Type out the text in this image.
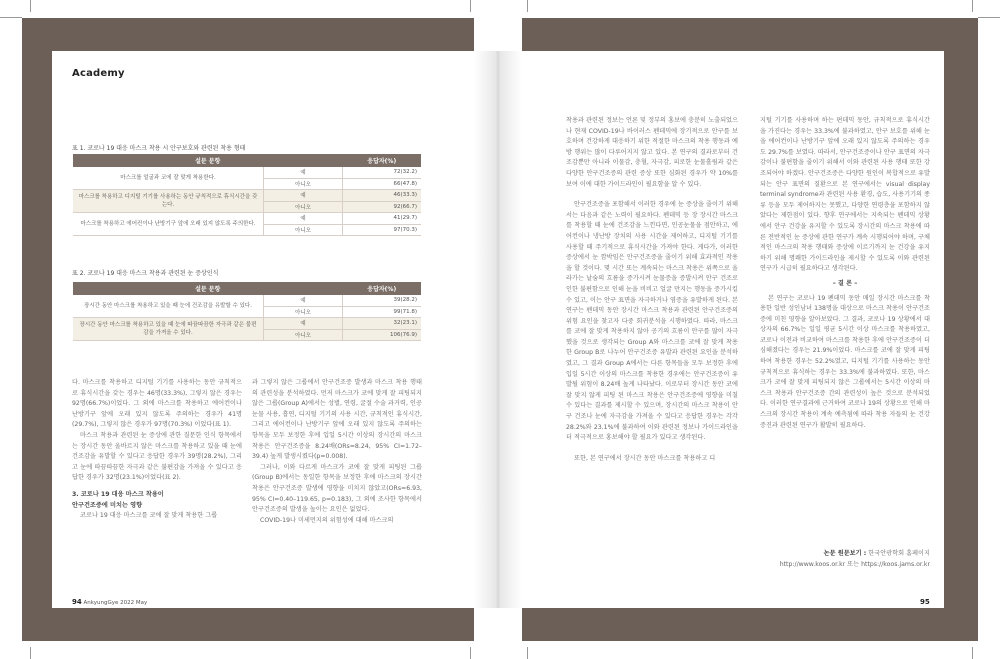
Academy
표 1. 코로나 19 대응 마스크 착용 시 안구보호와 관련된 착용 형태
설문 문항		응답자(%)
마스크를 얼굴과 코에 잘 맞게 착용한다.	예	72(32.2)
	아니오	66(47.8)
마스크를 착용하고 디지털 기기를 사용하는 동안 규칙적으로 휴식시간을 갖는다.	예	46(33.3)
	아니오	92(66.7)
마스크를 착용하고 에어컨이나 난방기구 앞에 오래 있지 않도록 주의한다.	예	41(29.7)
	아니오	97(70.3)
표 2. 코로나 19 대응 마스크 착용과 관련된 눈 증상인식
설문 문항		응답자(%)
장시간 동안 마스크를 착용하고 있을 때 눈에 건조감을 유발할 수 있다.	예	39(28.2)
	아니오	99(71.8)
장시간 동안 마스크를 착용하고 있을 때 눈에 따끔따끔한 자극과 같은 불편감을 가져올 수 있다.	예	32(23.1)
	아니오	106(76.9)

다. 마스크를 착용하고 디지털 기기를 사용하는 동안 규칙적으로 휴식시간을 갖는 경우는 46명(33.3%), 그렇지 않은 경우는 92명(66.7%)이었다. 그 외에 마스크를 착용하고 에어컨이나 난방기구 앞에 오래 있지 않도록 주의하는 경우가 41명(29.7%), 그렇지 않은 경우가 97명(70.3%) 이었다(표 1).

마스크 착용과 관련된 눈 증상에 관한 질문한 인식 항목에서는 장시간 동안 올바르지 않은 마스크를 착용하고 있을 때 눈에 건조감을 유발할 수 있다고 응답한 경우가 39명(28.2%), 그리고 눈에 따끔따끔한 자극과 같은 불편감을 가져올 수 있다고 응답한 경우가 32명(23.1%)이었다(표 2).

3. 코로나 19 대응 마스크 착용이

안구건조증에 미치는 영향

코로나 19 대응 마스크를 코에 잘 맞게 착용한 그룹

과 그렇지 않은 그룹에서 안구건조증 발생과 마스크 착용 행태의 관련성을 분석하였다. 먼저 마스크가 코에 맞게 잘 피팅되지 않은 그룹(Group A)에서는 성별, 연령, 굴절 수술 과거력, 인공눈물 사용, 흡연, 디지털 기기의 사용 시간, 규칙적인 휴식시간, 그리고 에어컨이나 난방기구 앞에 오래 있지 않도록 주의하는 항목을 모두 보정한 후에 입일 5시간 이상의 장시간의 마스크 착용은 안구건조증을 8.24배(ORs=8.24, 95% CI=1.72–39.4) 높게 발생시켰다(p=0.008).

그러나, 이와 다르게 마스크가 코에 잘 맞게 피팅된 그룹(Group B)에서는 동일한 항목을 보정한 후에 마스크의 장시간 착용은 안구건조증 발생에 영향을 미치지 않았고(ORs=6.93, 95% CI=0.40–119.65, p=0.183), 그 외에 조사한 항목에서 안구건조증의 발생을 높이는 요인은 없었다.

COVID-19나 미세먼지의 위험성에 대해 마스크의

착용과 관련된 정보는 언론 및 정부의 홍보에 충분히 노출되었으나 현재 COVID-19나 바이러스 펜데믹에 장기적으로 안구를 보호하며 건강하게 대응하기 위한 적절한 마스크의 착용 행동과 예방 행위는 많이 다루어지지 않고 있다. 본 연구의 결과로부터 건조감뿐만 아니라 이물감, 충혈, 자극감, 피로한 눈물흘림과 같은 다양한 안구건조증의 관련 증상 또한 심화된 경우가 약 10%를 보여 이에 대한 가이드라인이 필요함을 알 수 있다.

안구건조증을 포함해서 이러한 경우에 눈 증상을 줄이기 위해서는 다음과 같은 노력이 필요하다. 펜데믹 등 장 장시간 마스크를 착용할 때 눈에 건조감을 느낀다면, 인공눈물을 점안하고, 에어컨이나 냉난방 장치의 사용 시간을 제어하고, 디지털 기기를 사용할 때 주기적으로 휴식시간을 가져야 한다. 게다가, 이러한 증상에서 눈 깜박임은 안구건조증을 줄이기 위해 효과적인 작용을 할 것이다. 몇 시간 또는 계속되는 마스크 착용은 위쪽으로 올라가는 날숨의 흐름을 증가시켜 눈물증을 증발시켜 안구 건조로 인한 불편함으로 인해 눈을 비비고 얼굴 만지는 행동을 증가시킬 수 있고, 이는 안구 표면을 자극하거나 염증을 유발하게 된다. 본 연구는 펜데믹 동안 장시간 마스크 착용과 관련된 안구건조증의 위험 요인을 찾고자 다중 회귀분석을 시행하였다. 따라, 마스크를 코에 잘 맞게 착용하지 않아 공기의 흐름이 안구를 많이 자극했을 것으로 생각되는 Group A와 마스크를 코에 잘 맞게 착용한 Group B로 나누어 안구건조증 유발과 관련된 요인을 분석하였고, 그 결과 Group A에서는 다른 항목들을 모두 보정한 후에 입일 5시간 이상의 마스크를 착용한 경우에는 안구건조증이 유발될 위험이 8.24배 높게 나타났다. 이로부터 장시간 동안 코에 잘 맞지 않게 피팅 된 마스크 착용은 안구건조증에 영향을 미칠 수 있다는 결과를 제시할 수 있으며, 장시간의 마스크 착용이 안구 건조나 눈에 자극감을 가져올 수 있다고 응답한 경우는 각각 28.2%와 23.1%에 불과하여 이와 관련된 정보나 가이드라인을 더 적극적으로 홍보해야 할 필요가 있다고 생각된다.

또한, 본 연구에서 장시간 동안 마스크를 착용하고 디

지털 기기를 사용하며 하는 편데믹 동안, 규칙적으로 휴식시간을 가진다는 경우는 33.3%에 불과하였고, 안구 보호를 위해 눈을 에어컨이나 난방기구 앞에 오래 있지 않도록 주의하는 경우도 29.7%를 보였다. 따라서, 안구건조증이나 안구 표면의 자극감이나 불편함을 줄이기 위해서 이와 관련된 사용 행태 또한 강조되어야 하겠다. 안구건조증은 다양한 원인이 복합적으로 유발되는 안구 표면의 질환으로 본 연구에서는 visual display terminal syndrome과 관련된 사용 환경, 습도, 사용기기의 종류 등을 모두 제어하지는 못했고, 다양한 연령층을 포함하지 않았다는 제한점이 있다. 향후 연구에서는 지속되는 펜데믹 상황에서 안구 건강을 유지할 수 있도록 장시간의 마스크 착용에 따른 전반적인 눈 증상에 관한 연구가 계속 시행되어야 하며, 구체적인 마스크의 착용 행태와 증상에 이르기까지 눈 건강을 유지하기 위해 명쾌한 가이드라인을 제시할 수 있도록 이와 관련된 연구가 시급히 필요하다고 생각된다.

– 결 론 –

본 연구는 코로나 19 펜데믹 동안 매일 장시간 마스크를 착용한 일반 성인남녀 138명을 대상으로 마스크 착용이 안구건조증에 미친 영향을 알아보았다. 그 결과, 코로나 19 상황에서 대상자의 66.7%는 일일 평균 5시간 이상 마스크를 착용하였고, 코로나 이전과 비교하여 마스크를 착용한 후에 안구건조증이 더 심해졌다는 경우는 21.9%이었다. 마스크를 코에 잘 맞게 피팅하여 착용한 경우는 52.2%였고, 디지털 기기를 사용하는 동안 규칙적으로 휴식하는 경우는 33.3%에 불과하였다. 또한, 마스크가 코에 잘 맞게 피팅되지 않은 그룹에서는 5시간 이상의 마스크 착용과 안구건조증 간의 관련성이 높은 것으로 분석되었다. 이러한 연구결과에 근거하여 코로나 19의 상황으로 인해 마스크의 장시간 착용이 계속 예측됨에 따라 착용 자들의 눈 건강 증진과 관련된 연구가 활발히 필요하다.

논문 원문보기 : 한국안광학회 홈페이지

http://www.koos.or.kr 또는 https://koos.jams.or.kr

94 AnkyungGye 2022 May	95
